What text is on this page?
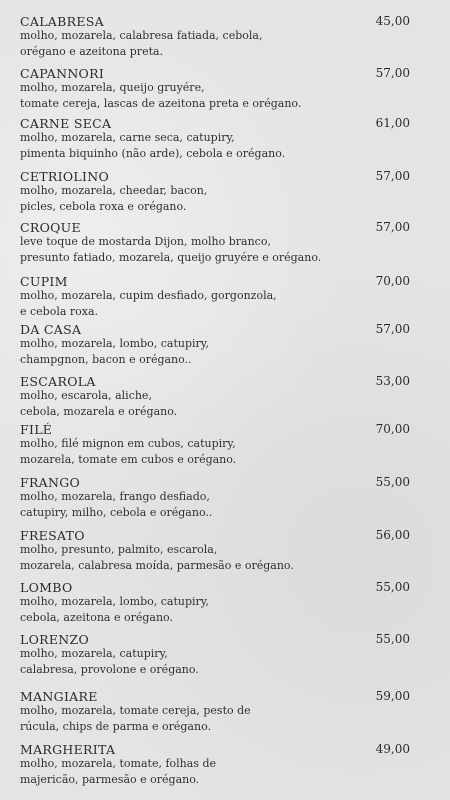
CALABRESA	45,00
molho, mozarela, calabresa fatiada, cebola,
orégano e azeitona preta.
CAPANNORI	57,00
molho, mozarela, queijo gruyére,
tomate cereja, lascas de azeitona preta e orégano.
CARNE SECA	61,00
molho, mozarela, carne seca, catupiry,
pimenta biquinho (não arde), cebola e orégano.
CETRIOLINO	57,00
molho, mozarela, cheedar, bacon,
picles, cebola roxa e orégano.
CROQUE	57,00
leve toque de mostarda Dijon, molho branco,
presunto fatiado, mozarela, queijo gruyére e orégano.
CUPIM	70,00
molho, mozarela, cupim desfiado, gorgonzola,
e cebola roxa.
DA CASA	57,00
molho, mozarela, lombo, catupiry,
champgnon, bacon e orégano..
ESCAROLA	53,00
molho, escarola, aliche,
cebola, mozarela e orégano.
FILÉ	70,00
molho, filé mignon em cubos, catupiry,
mozarela, tomate em cubos e orégano.
FRANGO	55,00
molho, mozarela, frango desfiado,
catupiry, milho, cebola e orégano..
FRESATO	56,00
molho, presunto, palmito, escarola,
mozarela, calabresa moída, parmesão e orégano.
LOMBO	55,00
molho, mozarela, lombo, catupiry,
cebola, azeitona e orégano.
LORENZO	55,00
molho, mozarela, catupiry,
calabresa, provolone e orégano.
MANGIARE	59,00
molho, mozarela, tomate cereja, pesto de
rúcula, chips de parma e orégano.
MARGHERITA	49,00
molho, mozarela, tomate, folhas de
majericão, parmesão e orégano.
